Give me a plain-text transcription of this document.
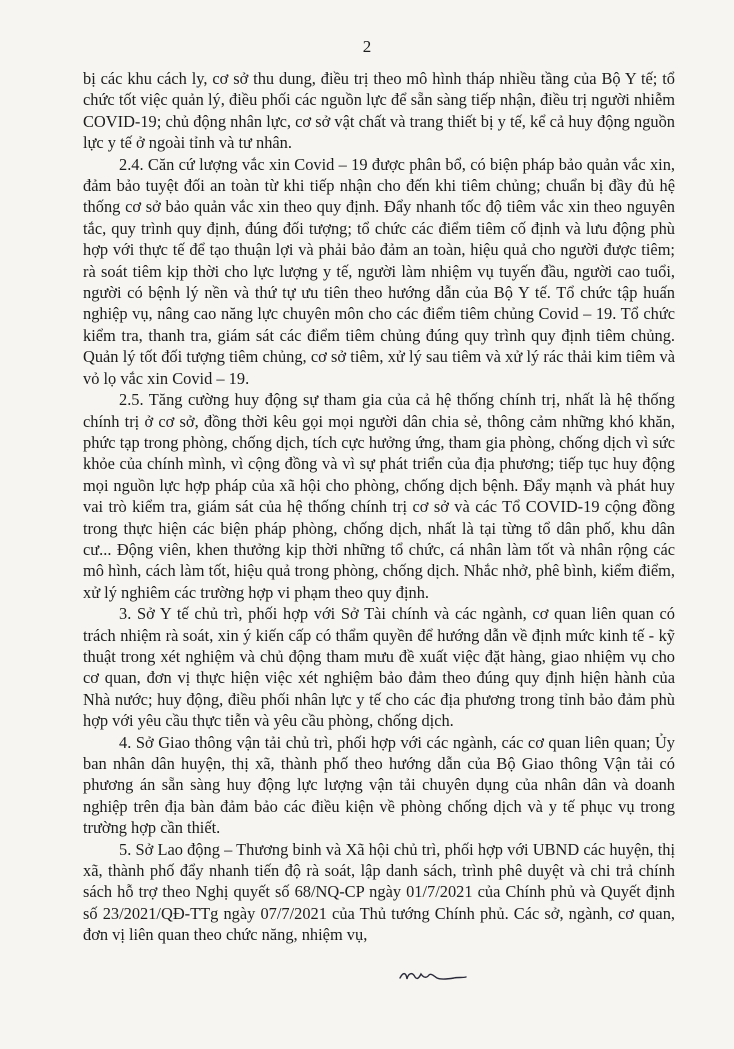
2

bị các khu cách ly, cơ sở thu dung, điều trị theo mô hình tháp nhiều tầng của Bộ Y tế; tổ chức tốt việc quản lý, điều phối các nguồn lực để sẵn sàng tiếp nhận, điều trị người nhiễm COVID-19; chủ động nhân lực, cơ sở vật chất và trang thiết bị y tế, kể cả huy động nguồn lực y tế ở ngoài tỉnh và tư nhân.

2.4. Căn cứ lượng vắc xin Covid – 19 được phân bổ, có biện pháp bảo quản vắc xin, đảm bảo tuyệt đối an toàn từ khi tiếp nhận cho đến khi tiêm chủng; chuẩn bị đầy đủ hệ thống cơ sở bảo quản vắc xin theo quy định. Đẩy nhanh tốc độ tiêm vắc xin theo nguyên tắc, quy trình quy định, đúng đối tượng; tổ chức các điểm tiêm cố định và lưu động phù hợp với thực tế để tạo thuận lợi và phải bảo đảm an toàn, hiệu quả cho người được tiêm; rà soát tiêm kịp thời cho lực lượng y tế, người làm nhiệm vụ tuyến đầu, người cao tuổi, người có bệnh lý nền và thứ tự ưu tiên theo hướng dẫn của Bộ Y tế. Tổ chức tập huấn nghiệp vụ, nâng cao năng lực chuyên môn cho các điểm tiêm chủng Covid – 19. Tổ chức kiểm tra, thanh tra, giám sát các điểm tiêm chủng đúng quy trình quy định tiêm chủng. Quản lý tốt đối tượng tiêm chủng, cơ sở tiêm, xử lý sau tiêm và xử lý rác thải kim tiêm và vỏ lọ vắc xin Covid – 19.

2.5. Tăng cường huy động sự tham gia của cả hệ thống chính trị, nhất là hệ thống chính trị ở cơ sở, đồng thời kêu gọi mọi người dân chia sẻ, thông cảm những khó khăn, phức tạp trong phòng, chống dịch, tích cực hưởng ứng, tham gia phòng, chống dịch vì sức khỏe của chính mình, vì cộng đồng và vì sự phát triển của địa phương; tiếp tục huy động mọi nguồn lực hợp pháp của xã hội cho phòng, chống dịch bệnh. Đẩy mạnh và phát huy vai trò kiểm tra, giám sát của hệ thống chính trị cơ sở và các Tổ COVID-19 cộng đồng trong thực hiện các biện pháp phòng, chống dịch, nhất là tại từng tổ dân phố, khu dân cư... Động viên, khen thưởng kịp thời những tổ chức, cá nhân làm tốt và nhân rộng các mô hình, cách làm tốt, hiệu quả trong phòng, chống dịch. Nhắc nhở, phê bình, kiểm điểm, xử lý nghiêm các trường hợp vi phạm theo quy định.

3. Sở Y tế chủ trì, phối hợp với Sở Tài chính và các ngành, cơ quan liên quan có trách nhiệm rà soát, xin ý kiến cấp có thẩm quyền để hướng dẫn về định mức kinh tế - kỹ thuật trong xét nghiệm và chủ động tham mưu đề xuất việc đặt hàng, giao nhiệm vụ cho cơ quan, đơn vị thực hiện việc xét nghiệm bảo đảm theo đúng quy định hiện hành của Nhà nước; huy động, điều phối nhân lực y tế cho các địa phương trong tỉnh bảo đảm phù hợp với yêu cầu thực tiễn và yêu cầu phòng, chống dịch.

4. Sở Giao thông vận tải chủ trì, phối hợp với các ngành, các cơ quan liên quan; Ủy ban nhân dân huyện, thị xã, thành phố theo hướng dẫn của Bộ Giao thông Vận tải có phương án sẵn sàng huy động lực lượng vận tải chuyên dụng của nhân dân và doanh nghiệp trên địa bàn đảm bảo các điều kiện về phòng chống dịch và y tế phục vụ trong trường hợp cần thiết.

5. Sở Lao động – Thương binh và Xã hội chủ trì, phối hợp với UBND các huyện, thị xã, thành phố đẩy nhanh tiến độ rà soát, lập danh sách, trình phê duyệt và chi trả chính sách hỗ trợ theo Nghị quyết số 68/NQ-CP ngày 01/7/2021 của Chính phủ và Quyết định số 23/2021/QĐ-TTg ngày 07/7/2021 của Thủ tướng Chính phủ. Các sở, ngành, cơ quan, đơn vị liên quan theo chức năng, nhiệm vụ,
